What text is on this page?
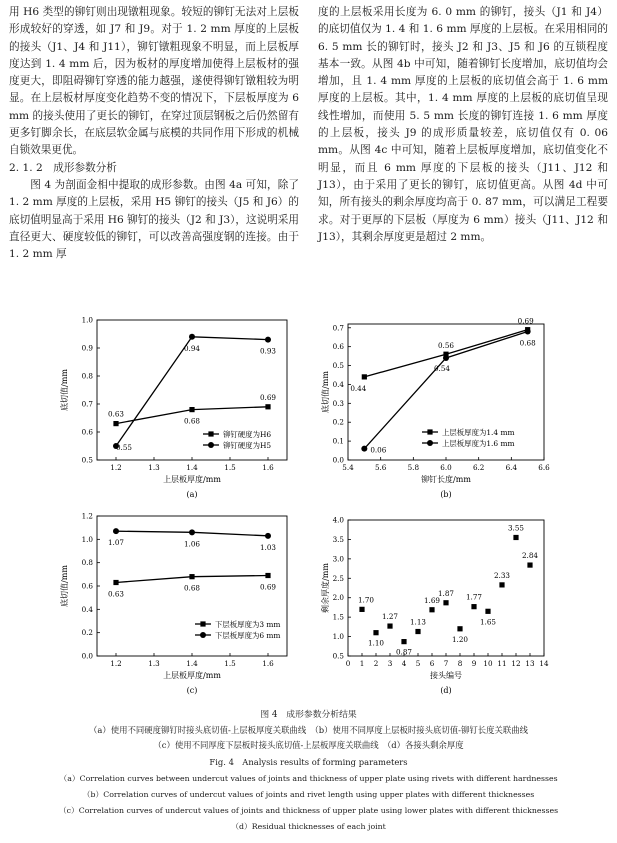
用 H6 类型的铆钉则出现镦粗现象。较短的铆钉无法对上层板形成较好的穿透，如 J7 和 J9。对于 1. 2 mm 厚度的上层板的接头（J1、J4 和 J11），铆钉镦粗现象不明显，而上层板厚度达到 1. 4 mm 后，因为板材的厚度增加使得上层板材的强度更大，即阻碍铆钉穿透的能力越强，遂使得铆钉镦粗较为明显。在上层板材厚度变化趋势不变的情况下，下层板厚度为 6 mm 的接头使用了更长的铆钉，在穿过顶层钢板之后仍然留有更多钉脚余长，在底层软金属与底模的共同作用下形成的机械自锁效果更优。

2. 1. 2　成形参数分析

图 4 为剖面金相中提取的成形参数。由图 4a 可知，除了 1. 2 mm 厚度的上层板，采用 H5 铆钉的接头（J5 和 J6）的底切值明显高于采用 H6 铆钉的接头（J2 和 J3），这说明采用直径更大、硬度较低的铆钉，可以改善高强度钢的连接。由于 1. 2 mm 厚

度的上层板采用长度为 6. 0 mm 的铆钉，接头（J1 和 J4）的底切值仅为 1. 4 和 1. 6 mm 厚度的上层板。在采用相同的 6. 5 mm 长的铆钉时，接头 J2 和 J3、J5 和 J6 的互锁程度基本一致。从图 4b 中可知，随着铆钉长度增加，底切值均会增加，且 1. 4 mm 厚度的上层板的底切值会高于 1. 6 mm 厚度的上层板。其中，1. 4 mm 厚度的上层板的底切值呈现线性增加，而使用 5. 5 mm 长度的铆钉连接 1. 6 mm 厚度的上层板，接头 J9 的成形质量较差，底切值仅有 0. 06 mm。从图 4c 中可知，随着上层板厚度增加，底切值变化不明显，而且 6 mm 厚度的下层板的接头（J11、J12 和 J13），由于采用了更长的铆钉，底切值更高。从图 4d 中可知，所有接头的剩余厚度均高于 0. 87 mm，可以满足工程要求。对于更厚的下层板（厚度为 6 mm）接头（J11、J12 和 J13），其剩余厚度更是超过 2 mm。

1.2	1.3	1.4	1.5	1.6
0.5
0.6
0.7
0.8
0.9
1.0
上层板厚度/mm
底切值/mm
(a)
0.63
0.68
0.69
0.55
0.94	0.93
铆钉硬度为H6
铆钉硬度为H5
5.4	5.6	5.8	6.0	6.2	6.4	6.6
0.0
0.1
0.2
0.3
0.4
0.5
0.6
0.7
铆钉长度/mm
底切值/mm
(b)
0.44
0.56
0.69
0.06
0.54
0.68
上层板厚度为1.4 mm
上层板厚度为1.6 mm
1.2	1.3	1.4	1.5	1.6
0.0
0.2
0.4
0.6
0.8
1.0
1.2
上层板厚度/mm
底切值/mm
(c)
0.63
0.68	0.69
1.07	1.06	1.03
下层板厚度为3 mm
下层板厚度为6 mm
0 1 2 3 4 5 6 7 8 9 10 11 12 13 14
0.5
1.0
1.5
2.0
2.5
3.0
3.5
4.0
接头编号
剩余厚度/mm
(d)
1.70
1.10
1.27
0.87
1.13
1.69
1.87
1.20
1.77
1.65
2.33
3.55
2.84
图 4　成形参数分析结果
（a）使用不同硬度铆钉时接头底切值-上层板厚度关联曲线　（b）使用不同厚度上层板时接头底切值-铆钉长度关联曲线
（c）使用不同厚度下层板时接头底切值-上层板厚度关联曲线　（d）各接头剩余厚度
Fig. 4　Analysis results of forming parameters
（a）Correlation curves between undercut values of joints and thickness of upper plate using rivets with different hardnesses
（b）Correlation curves of undercut values of joints and rivet length using upper plates with different thicknesses
（c）Correlation curves of undercut values of joints and thickness of upper plate using lower plates with different thicknesses
（d）Residual thicknesses of each joint
